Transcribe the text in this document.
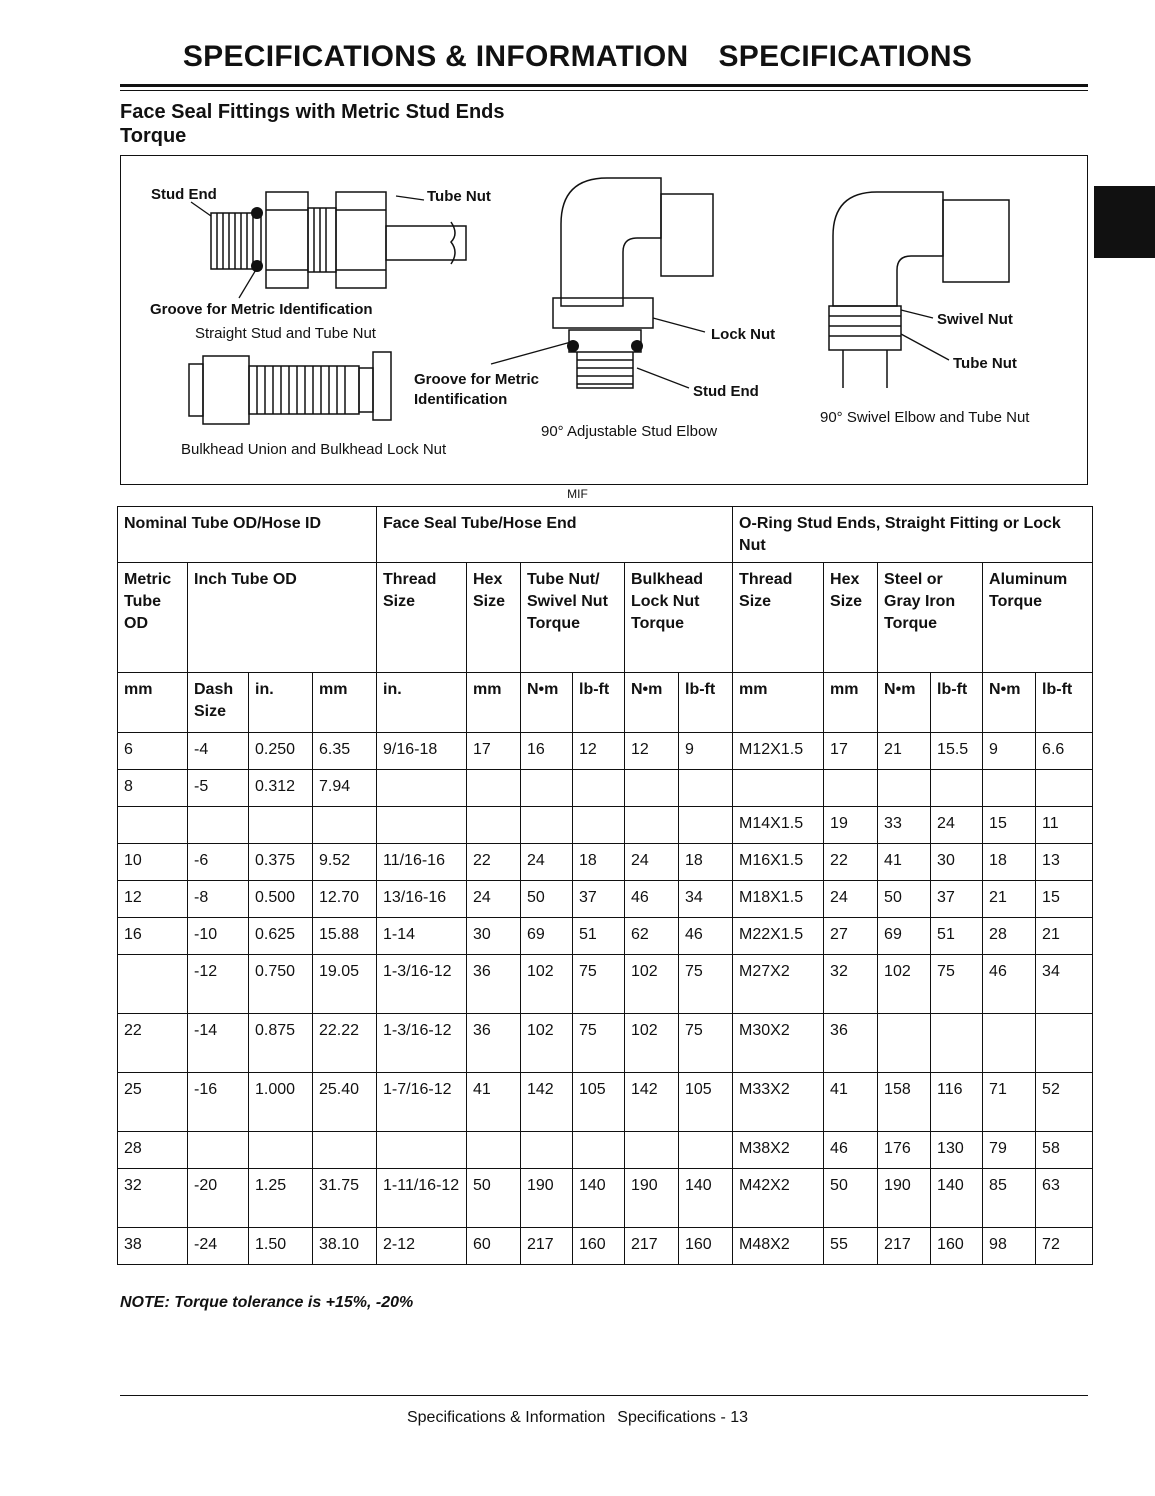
SPECIFICATIONS & INFORMATION SPECIFICATIONS
Face Seal Fittings with Metric Stud Ends
Torque
Stud End	Tube Nut
Groove for Metric Identification
Straight Stud and Tube Nut
Bulkhead Union and Bulkhead Lock Nut
Groove for Metric
Identification
Lock Nut
Stud End
90° Adjustable Stud Elbow
Swivel Nut
Tube Nut
90° Swivel Elbow and Tube Nut
MIF
Nominal Tube OD/Hose ID				Face Seal Tube/Hose End						O-Ring Stud Ends, Straight Fitting or Lock Nut					
Metric Tube OD	Inch Tube OD			Thread Size	Hex Size	Tube Nut/ Swivel Nut Torque		Bulkhead Lock Nut Torque		Thread Size	Hex Size	Steel or Gray Iron Torque		Aluminum Torque	
mm	Dash Size	in.	mm	in.	mm	N•m	lb-ft	N•m	lb-ft	mm	mm	N•m	lb-ft	N•m	lb-ft
6	-4	0.250	6.35	9/16-18	17	16	12	12	9	M12X1.5	17	21	15.5	9	6.6
8	-5	0.312	7.94												
										M14X1.5	19	33	24	15	11
10	-6	0.375	9.52	11/16-16	22	24	18	24	18	M16X1.5	22	41	30	18	13
12	-8	0.500	12.70	13/16-16	24	50	37	46	34	M18X1.5	24	50	37	21	15
16	-10	0.625	15.88	1-14	30	69	51	62	46	M22X1.5	27	69	51	28	21
	-12	0.750	19.05	1-3/16-12	36	102	75	102	75	M27X2	32	102	75	46	34
22	-14	0.875	22.22	1-3/16-12	36	102	75	102	75	M30X2	36				
25	-16	1.000	25.40	1-7/16-12	41	142	105	142	105	M33X2	41	158	116	71	52
28										M38X2	46	176	130	79	58
32	-20	1.25	31.75	1-11/16-12	50	190	140	190	140	M42X2	50	190	140	85	63
38	-24	1.50	38.10	2-12	60	217	160	217	160	M48X2	55	217	160	98	72
NOTE: Torque tolerance is +15%, -20%
Specifications & Information Specifications - 13
